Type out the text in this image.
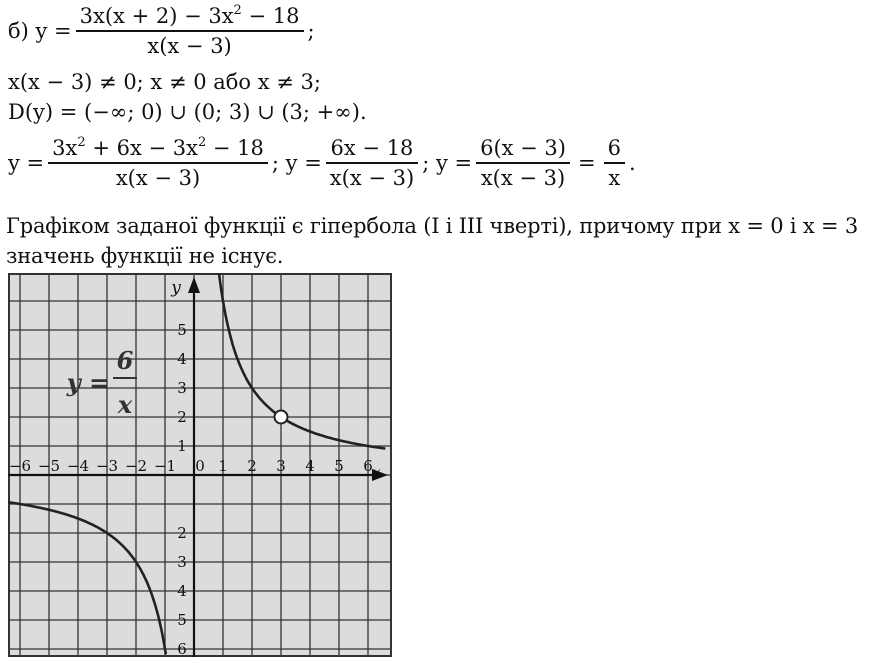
б) $y = \frac{3x(x + 2) - 3x^2 - 18}{x(x - 3)}$ ;
x(x − 3) ≠ 0; x ≠ 0 або x ≠ 3;
D(y) = (−∞; 0) ∪ (0; 3) ∪ (3; +∞).
$y = \frac{3x^2 + 6x - 3x^2 - 18}{x(x - 3)}$ ; $y = \frac{6x - 18}{x(x - 3)}$ ; $y = \frac{6(x - 3)}{x(x - 3)} = \frac{6}{x}$ .
Графіком заданої функції є гіпербола (І і ІІІ чверті), причому при x = 0 і x = 3
значень функції не існує.
−6 −5 −4 −3 −2 −1	1 2 3 4 5 6
1
2
3
4
5
2
3
4
5
6
0	x
y
y =
6
x
